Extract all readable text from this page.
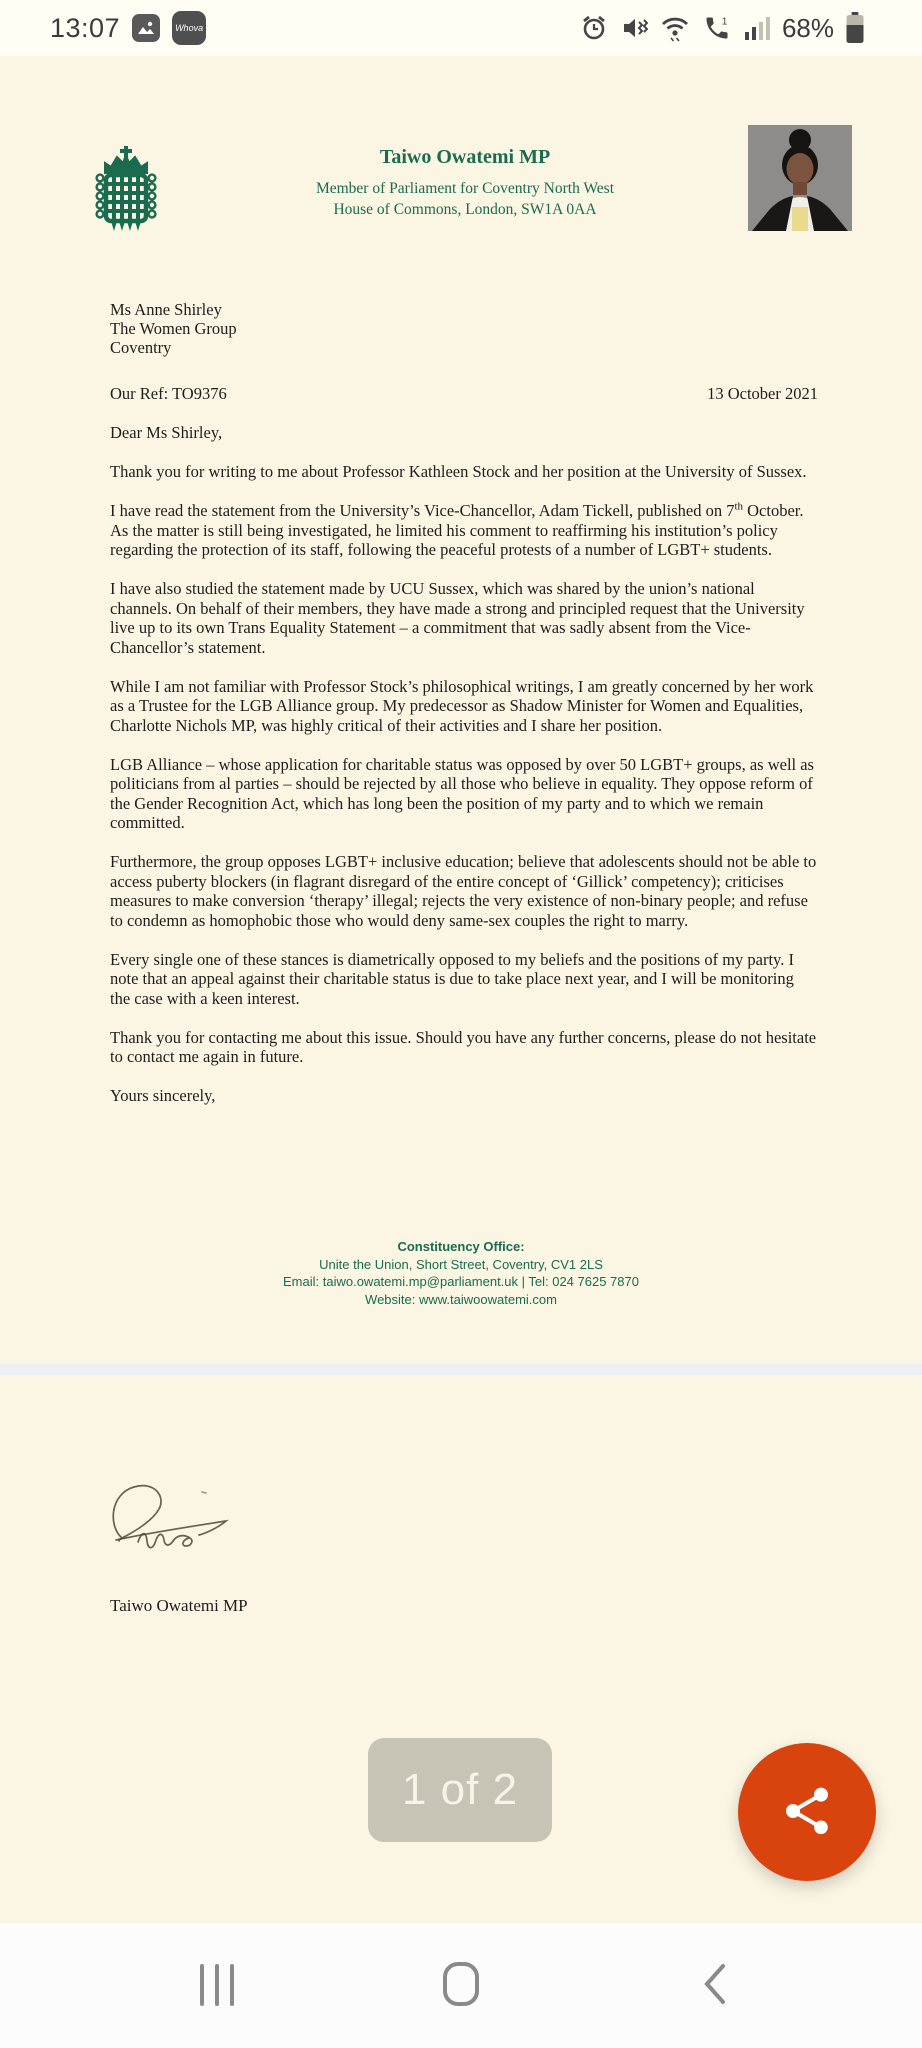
13:07	Whova
1 68%
Taiwo Owatemi MP
Member of Parliament for Coventry North West
House of Commons, London, SW1A 0AA
Ms Anne Shirley
The Women Group
Coventry
Our Ref: TO9376	13 October 2021
Dear Ms Shirley,

Thank you for writing to me about Professor Kathleen Stock and her position at the University of Sussex.

I have read the statement from the University’s Vice-Chancellor, Adam Tickell, published on 7th October. As the matter is still being investigated, he limited his comment to reaffirming his institution’s policy regarding the protection of its staff, following the peaceful protests of a number of LGBT+ students.

I have also studied the statement made by UCU Sussex, which was shared by the union’s national channels. On behalf of their members, they have made a strong and principled request that the University live up to its own Trans Equality Statement – a commitment that was sadly absent from the Vice-Chancellor’s statement.

While I am not familiar with Professor Stock’s philosophical writings, I am greatly concerned by her work as a Trustee for the LGB Alliance group. My predecessor as Shadow Minister for Women and Equalities, Charlotte Nichols MP, was highly critical of their activities and I share her position.

LGB Alliance – whose application for charitable status was opposed by over 50 LGBT+ groups, as well as politicians from al parties – should be rejected by all those who believe in equality. They oppose reform of the Gender Recognition Act, which has long been the position of my party and to which we remain committed.

Furthermore, the group opposes LGBT+ inclusive education; believe that adolescents should not be able to access puberty blockers (in flagrant disregard of the entire concept of ‘Gillick’ competency); criticises measures to make conversion ‘therapy’ illegal; rejects the very existence of non-binary people; and refuse to condemn as homophobic those who would deny same-sex couples the right to marry.

Every single one of these stances is diametrically opposed to my beliefs and the positions of my party. I note that an appeal against their charitable status is due to take place next year, and I will be monitoring the case with a keen interest.

Thank you for contacting me about this issue. Should you have any further concerns, please do not hesitate to contact me again in future.

Yours sincerely,

Constituency Office:
Unite the Union, Short Street, Coventry, CV1 2LS
Email: taiwo.owatemi.mp@parliament.uk | Tel: 024 7625 7870
Website: www.taiwoowatemi.com
Taiwo Owatemi MP
1 of 2
